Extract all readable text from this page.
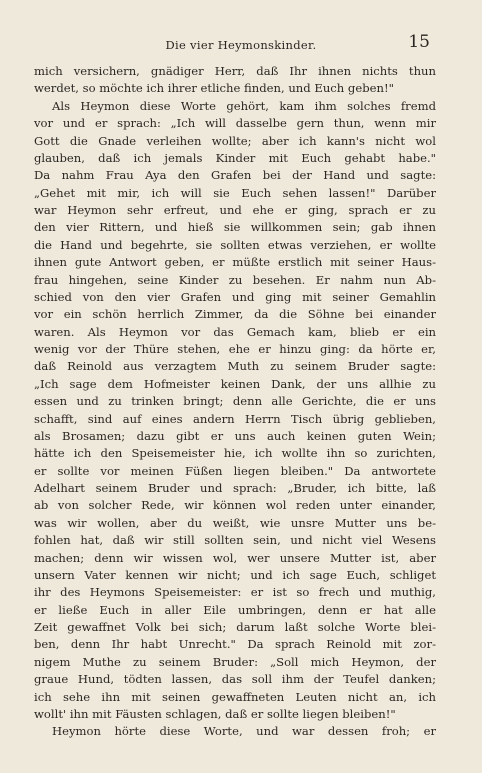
Die vier Heymonskinder.	15
mich versichern, gnädiger Herr, daß Ihr ihnen nichts thun
werdet, so möchte ich ihrer etliche finden, und Euch geben!"
Als Heymon diese Worte gehört, kam ihm solches fremd
vor und er sprach: „Ich will dasselbe gern thun, wenn mir
Gott die Gnade verleihen wollte; aber ich kann's nicht wol
glauben, daß ich jemals Kinder mit Euch gehabt habe."
Da nahm Frau Aya den Grafen bei der Hand und sagte:
„Gehet mit mir, ich will sie Euch sehen lassen!" Darüber
war Heymon sehr erfreut, und ehe er ging, sprach er zu
den vier Rittern, und hieß sie willkommen sein; gab ihnen
die Hand und begehrte, sie sollten etwas verziehen, er wollte
ihnen gute Antwort geben, er müßte erstlich mit seiner Haus-
frau hingehen, seine Kinder zu besehen. Er nahm nun Ab-
schied von den vier Grafen und ging mit seiner Gemahlin
vor ein schön herrlich Zimmer, da die Söhne bei einander
waren. Als Heymon vor das Gemach kam, blieb er ein
wenig vor der Thüre stehen, ehe er hinzu ging: da hörte er,
daß Reinold aus verzagtem Muth zu seinem Bruder sagte:
„Ich sage dem Hofmeister keinen Dank, der uns allhie zu
essen und zu trinken bringt; denn alle Gerichte, die er uns
schafft, sind auf eines andern Herrn Tisch übrig geblieben,
als Brosamen; dazu gibt er uns auch keinen guten Wein;
hätte ich den Speisemeister hie, ich wollte ihn so zurichten,
er sollte vor meinen Füßen liegen bleiben." Da antwortete
Adelhart seinem Bruder und sprach: „Bruder, ich bitte, laß
ab von solcher Rede, wir können wol reden unter einander,
was wir wollen, aber du weißt, wie unsre Mutter uns be-
fohlen hat, daß wir still sollten sein, und nicht viel Wesens
machen; denn wir wissen wol, wer unsere Mutter ist, aber
unsern Vater kennen wir nicht; und ich sage Euch, schliget
ihr des Heymons Speisemeister: er ist so frech und muthig,
er ließe Euch in aller Eile umbringen, denn er hat alle
Zeit gewaffnet Volk bei sich; darum laßt solche Worte blei-
ben, denn Ihr habt Unrecht." Da sprach Reinold mit zor-
nigem Muthe zu seinem Bruder: „Soll mich Heymon, der
graue Hund, tödten lassen, das soll ihm der Teufel danken;
ich sehe ihn mit seinen gewaffneten Leuten nicht an, ich
wollt' ihn mit Fäusten schlagen, daß er sollte liegen bleiben!"
Heymon hörte diese Worte, und war dessen froh; er
